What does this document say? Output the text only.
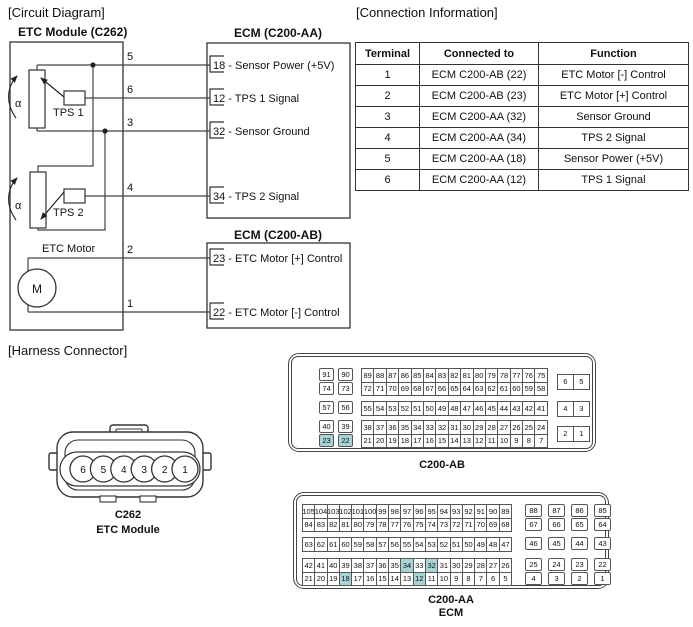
[Circuit Diagram]	[Connection Information]
[Harness Connector]
ETC Module (C262)	ECM (C200-AA)
ECM (C200-AB)
α
TPS 1
α
TPS 2
ETC Motor
M
5
6
3
4
2
1
18 - Sensor Power (+5V)
12 - TPS 1 Signal
32 - Sensor Ground
34 - TPS 2 Signal
23 - ETC Motor [+] Control
22 - ETC Motor [-] Control
Terminal	Connected to	Function
1	ECM C200-AB (22)	ETC Motor [-] Control
2	ECM C200-AB (23)	ETC Motor [+] Control
3	ECM C200-AA (32)	Sensor Ground
4	ECM C200-AA (34)	TPS 2 Signal
5	ECM C200-AA (18)	Sensor Power (+5V)
6	ECM C200-AA (12)	TPS 1 Signal
6 5 4 3 2 1
C262
ETC Module
91
74
90
73
89 88 87 86 85 84 83 82 81 80 79 78 77 76 75
72 71 70 69 68 67 66 65 64 63 62 61 60 59 58
6	5
57	56	55 54 53 52 51 50 49 48 47 46 45 44 43 42 41	4	3
40
23
39
22
38 37 36 35 34 33 32 31 30 29 28 27 26 25 24
21 20 19 18 17 16 15 14 13 12 11 10 9	8	7
2	1
C200-AB
105 104 103 102 101 100 99 98 97 96 95 94 93 92 91 90 89
84 83 82 81 80 79 78 77 76 75 74 73 72 71 70 69 68
88
67
87
66
86
65
85
64
63 62 61 60 59 58 57 56 55 54 53 52 51 50 49 48 47	46	45	44	43
42 41 40 39 38 37 36 35 34 33 32 31 30 29 28 27 26
21 20 19 18 17 16 15 14 13 12 11 10 9	8	7	6	5
25
4
24
3
23
2
22
1
C200-AA
ECM
